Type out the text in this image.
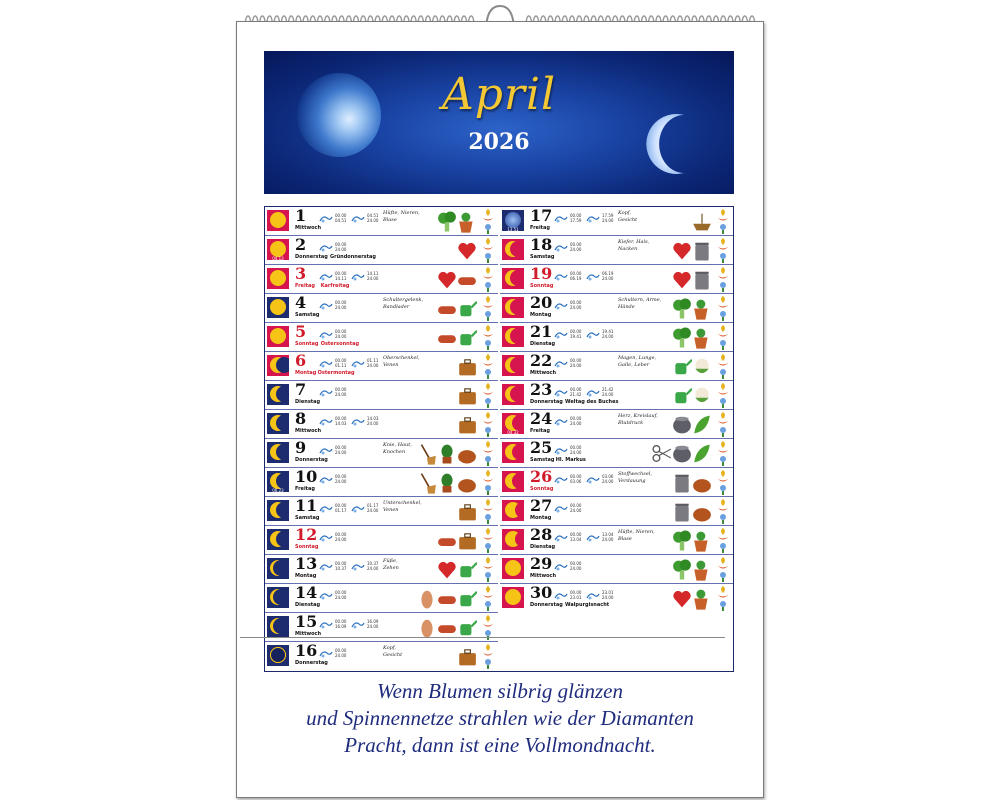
April
2026
1
Mittwoch
00.00
04.51
04.51
24.00
Hüfte, Nieren,
Blase
04.13
2
Donnerstag Gründonnerstag
00.00
24.00
3
Freitag Karfreitag
00.00
14.11
14.11
24.00
4
Samstag
00.00
24.00
Schultergelenk,
Bandlader
5
Sonntag Ostersonntag
00.00
24.00
6
Montag Ostermontag
00.00
01.11
01.11
24.00
Oberschenkel,
Venen
7
Dienstag
00.00
24.00
8
Mittwoch
00.00
14.03
14.03
24.00
9
Donnerstag
00.00
24.00
Knie, Haut,
Knochen
06.23
10
Freitag
00.00
24.00
11
Samstag
00.00
01.17
01.17
24.00
Unterschenkel,
Venen
12
Sonntag
00.00
24.00
13
Montag
00.00
10.37
10.37
24.00
Füße,
Zehen
14
Dienstag
00.00
24.00
15
Mittwoch
00.00
16.09
16.09
24.00
16
Donnerstag
00.00
24.00
Kopf,
Gesicht
13.51
17
Freitag
00.00
17.59
17.59
24.00
Kopf,
Gesicht
18
Samstag
00.00
24.00
Kiefer, Hals,
Nacken
19
Sonntag
00.00
06.19
06.19
24.00
20
Montag
00.00
24.00
Schultern, Arme,
Hände
21
Dienstag
00.00
19.41
19.41
24.00
22
Mittwoch
00.00
24.00
Magen, Lunge,
Galle, Leber
23
Donnerstag Weltag des Buches
00.00
21.42
21.42
24.00
04.32
24
Freitag
00.00
24.00
Herz, Kreislauf,
Blutdruck
25
Samstag Hl. Markus
00.00
24.00
26
Sonntag
00.00
03.06
03.06
24.00
Stoffwechsel,
Verdauung
27
Montag
00.00
24.00
28
Dienstag
00.00
13.04
13.04
24.00
Hüfte, Nieren,
Blase
29
Mittwoch
00.00
24.00
30
Donnerstag Walpurgisnacht
00.00
23.01
23.01
24.00
Wenn Blumen silbrig glänzen
und Spinnennetze strahlen wie der Diamanten
Pracht, dann ist eine Vollmondnacht.
